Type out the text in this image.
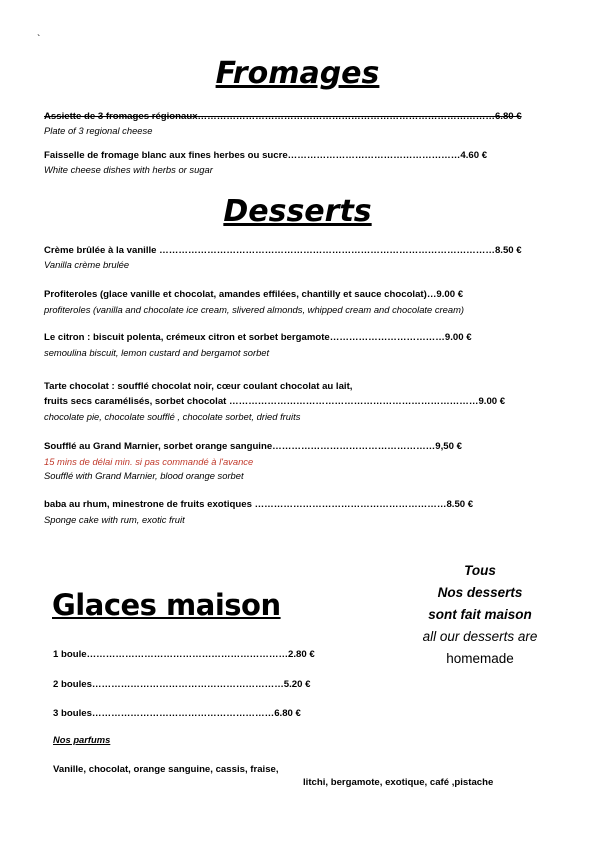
`
Fromages
Assiette de 3 fromages régionaux…………………………………………………………………………………6.80 €
Plate of 3 regional cheese
Faisselle de fromage blanc aux fines herbes ou sucre………………………………………………4.60 €
White cheese dishes with herbs or sugar
Desserts
Crème brûlée à la vanille ……………………………………………………………………………………………8.50 €
Vanilla crème brulée
Profiteroles (glace vanille et chocolat, amandes effilées, chantilly et sauce chocolat)…9.00 €
profiteroles (vanilla and chocolate ice cream, slivered almonds, whipped cream and chocolate cream)
Le citron : biscuit polenta, crémeux citron et sorbet bergamote………………………………9.00 €
semoulina biscuit, lemon custard and bergamot sorbet
Tarte chocolat : soufflé chocolat noir, cœur coulant chocolat au lait,
fruits secs caramélisés, sorbet chocolat ……………………………………………………………………9.00 €
chocolate pie, chocolate soufflé , chocolate sorbet, dried fruits
Soufflé au Grand Marnier, sorbet orange sanguine……………………………………………9,50 €
15 mins de délai min. si pas commandé à l'avance
Soufflé with Grand Marnier, blood orange sorbet
baba au rhum, minestrone de fruits exotiques ……………………………………………………8.50 €
Sponge cake with rum, exotic fruit
Glaces maison
Tous
Nos desserts
sont fait maison
all our desserts are
homemade
1 boule………………………………………………………2.80 €
2 boules……………………………………………………5.20 €
3 boules…………………………………………………6.80 €
Nos parfums
Vanille, chocolat, orange sanguine, cassis, fraise,
litchi, bergamote, exotique, café ,pistache
